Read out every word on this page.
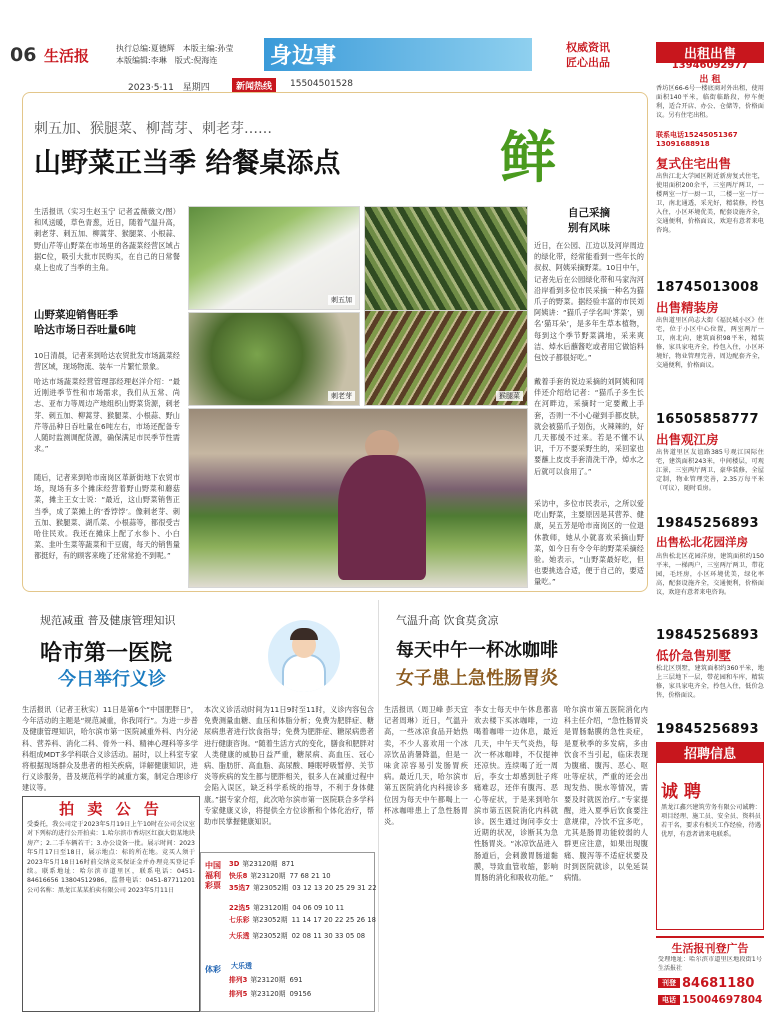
06 生活报	执行总编:夏德辉　本版主编:孙莹
本版编辑:李琳　版式:倪海连	身边事	权威资讯
匠心出品
2023·5·11　星期四	新闻热线	15504501528
刺五加、猴腿菜、柳蒿芽、刺老芽……
山野菜正当季 给餐桌添点	鲜
生活报讯（实习生赵玉宁 记者孟薇薇文/图）和风送暖，草色青葱，近日，随着气温升高，刺老芽、刺五加、柳蒿芽、猴腿菜、小根蒜、野山芹等山野菜在市场里的各蔬菜经营区域占据C位，吸引大批市民购买，在自己的日常餐桌上也成了当季的主角。
山野菜迎销售旺季
哈达市场日吞吐量6吨
10日清晨，记者来到哈达农贸批发市场蔬菜经营区域，现场物流、装车一片繁忙景象。
哈达市场蔬菜经营管理部经理赵洋介绍：“最近刚进季节性和市场需求，我们从五常、尚志、亚布力等周边产地组织山野菜货源，刺老芽、刺五加、柳蒿芽、猴腿菜、小根蒜、野山芹等品种日吞吐量在6吨左右，市场还配备专人随时监测调配货源，确保满足市民季节性需求。”
随后，记者来到哈市南岗区革新街地下农贸市场，现场有多个摊床经营着野山野菜和蘑菇菜，摊主王女士说：“最近，这山野菜销售正当季，成了菜摊上的‘香饽饽’。像刺老芽、刺五加、猴腿菜、湖爪菜、小根蒜等，都很受吉哈住民欢。我还在摊床上配了水参卜、小白菜、韭叶生菜等蔬菜和干豆腐，每天的销售量都挺好，有的顾客来晚了还常常抢不到呢。”
刺五加
刺老芽	猴腿菜
自己采摘
别有风味
近日，在公园、江边以及河岸周边的绿化带，经常能看到一些年长的叔叔、阿姨采摘野菜。10日中午，记者先后在公园绿化带和马家沟河沿岸看到多位市民采摘一种名为猫爪子的野菜。据经验丰富的市民刘阿姨讲：“猫爪子学名叫‘荠菜’，别名‘猫耳朵’，是多年生草本植物，每到这个季节野菜满地，采来爽洁、焯水后蘸酱吃或者用它做馅料包饺子都很好吃。”
戴着手套的说边采摘的刘阿姨和同伴还介绍给记者：“猫爪子多生长在河畔边，采摘时一定要戴上手套，否则一不小心碰到手都皮肤，就会被猫爪子划伤，火辣辣的，好几天都缓不过来。若是不懂不认识，千万不要采野生的，采回家也要蘸上皮皮手套清洗干净，焯水之后就可以食用了。”
采访中，多位市民表示，之所以爱吃山野菜，主要原因是其营养、健康，吴五芳是哈市南岗区的一位退休教师，她从小就喜欢采摘山野菜，如今日有令令年的野菜采摘经验。她表示，“山野菜最好吃，但也要挑选合适，便于自己的，要适量吃。”
规范减重 普及健康管理知识
哈市第一医院
今日举行义诊
生活报讯（记者王秋实）11日是第6个“中国肥胖日”，今年活动的主题是“规范减重，你我同行”。为进一步普及健康管理知识，哈尔滨市第一医院减重外科、内分泌科、营养科、消化二科、骨外一科、精神心理科等多学科组成MDT多学科联合义诊活动。届时，以上科室专家将根据现场群众及患者的相关疾病，详解健康知识，进行义诊服务，普及规范科学的减重方案，制定合理诊疗建议等。
本次义诊活动时间为11日9时至11时，义诊内容包含免费测量血糖、血压和体脂分析；免费为肥胖症、糖尿病患者进行饮食指导；免费为肥胖症、糖尿病患者进行健康咨询。“随着生活方式的变化，膳食和肥胖对人类健康的威胁日益严重，糖尿病、高血压、冠心病、脂肪肝、高血脂、高尿酸、睡眠呼吸暂停、关节炎等疾病的发生都与肥胖相关，很多人在减重过程中会陷入误区，缺乏科学系统的指导，不利于身体健康。”据专家介绍，此次哈尔滨市第一医院联合多学科专家健康义诊，将提供全方位诊断和个体化治疗，帮助市民掌握健康知识。
拍 卖 公 告
受委托，我公司定于2023年5月19日上午10时在公司会议室对下列标的进行公开拍卖：1.哈尔滨市香坊区红旗大街某地块房产；2.二手车辆若干；3.办公设备一批。展示时间：2023年5月17日至18日，展示地点：标的所在地。竞买人须于2023年5月18日16时前交纳竞买保证金并办理竞买登记手续。联系地址：哈尔滨市道里区，联系电话：0451-84616656 13804512986，监督电话：0451-87711201 公司名称：黑龙江某某拍卖有限公司 2023年5月11日
中国福利彩票
体彩	大乐透
3D 第23120期 871
快乐8 第23120期 77 68 21 10
35选7 第23052期 03 12 13 20 25 29 31 22
22选5 第23120期 04 06 09 10 11
七乐彩 第23052期 11 14 17 20 22 25 26 18
大乐透 第23052期 02 08 11 30 33 05 08
排列3 第23120期 691
排列5 第23120期 09156
气温升高 饮食莫贪凉
每天中午一杯冰咖啡
女子患上急性肠胃炎
生活报讯（周卫峰 彭天宜 记者周琳）近日，气温升高，一些冰凉食品开始热卖，不少人喜欢用一个冰凉饮品消暑降温，但是一味贪凉容易引发肠胃疾病。最近几天，哈尔滨市第五医院消化内科接诊多位因为每天中午都喝上一杯冰咖啡患上了急性肠胃炎。
李女士每天中午休息都喜欢去楼下买冰咖啡，一边喝着咖啡一边休息，最近几天，中午天气炎热，每次一杯冰咖啡，不仅提神还凉快。连续喝了近一周后，李女士却感到肚子疼痛难忍，还伴有腹泻、恶心等症状，于是来到哈尔滨市第五医院消化内科就诊。医生通过询问李女士近期的状况，诊断其为急性肠胃炎。“冰凉饮品进入肠道后，会刺激胃肠道黏膜，导致血管收缩，影响胃肠的消化和吸收功能。”
哈尔滨市第五医院消化内科主任介绍，“急性肠胃炎是胃肠黏膜的急性炎症，是夏秋季的多发病，多由饮食不当引起，临床表现为腹痛、腹泻、恶心、呕吐等症状，严重的还会出现发热、脱水等情况，需要及时就医治疗。”专家提醒，进入夏季后饮食要注意规律，冷饮不宜多吃，尤其是肠胃功能较弱的人群更应注意，如果出现腹痛、腹泻等不适症状要及时到医院就诊，以免延误病情。
出租出售
13946092977
出 租
香坊区66-6号一楼底商对外出租，使用面积140平米，临街临路段，停车便利，适合开店、办公、仓储等，价格面议。另有住宅出租。
联系电话15245051367 13091688918
复式住宅出售
出售江北大学园区附近新房复式住宅，使用面积200余平，三室两厅两卫，一楼两室一厅一厨一卫，二楼一室一厅一卫，南北通透，采光好，精装修，拎包入住，小区环境优美，配套设施齐全，交通便利，价格面议，欢迎有意者来电咨询。
18745013008
出售精装房
出售道里区尚志大街《福民城小区》住宅，位于小区中心位置，两室两厅一卫，南北向，建筑面积98平米，精装修，家具家电齐全，拎包入住，小区环境好，物业管理完善，周边配套齐全，交通便利，价格面议。
16505858777
出售观江房
出售道里区友谊路385号观江国际住宅，建筑面积243米，中间楼层，可观江景，三室两厅两卫，豪华装修，全屋定制，物业管理完善，2.35万每平米（可议），随时看房。
19845256893
出售松北花园洋房
出售松北区花园洋房，建筑面积约150平米，一梯两户，三室两厅两卫，带花园，毛坯房，小区环境优美，绿化率高，配套设施齐全，交通便利，价格面议，欢迎有意者来电咨询。
19845256893
低价急售别墅
松北区别墅，建筑面积约360平米，地上三层地下一层，带花园和车库，精装修，家具家电齐全，拎包入住，低价急售，价格面议。
19845256893
招聘信息
诚 聘
黑龙江鑫兴建筑劳务有限公司诚聘：项目经理、施工员、安全员、资料员若干名，要求有相关工作经验，待遇优厚，有意者请来电联系。
生活报刊登广告
受理地址：哈尔滨市道里区地段街1号生活报社
刊登 84681180
电话 15004697804
